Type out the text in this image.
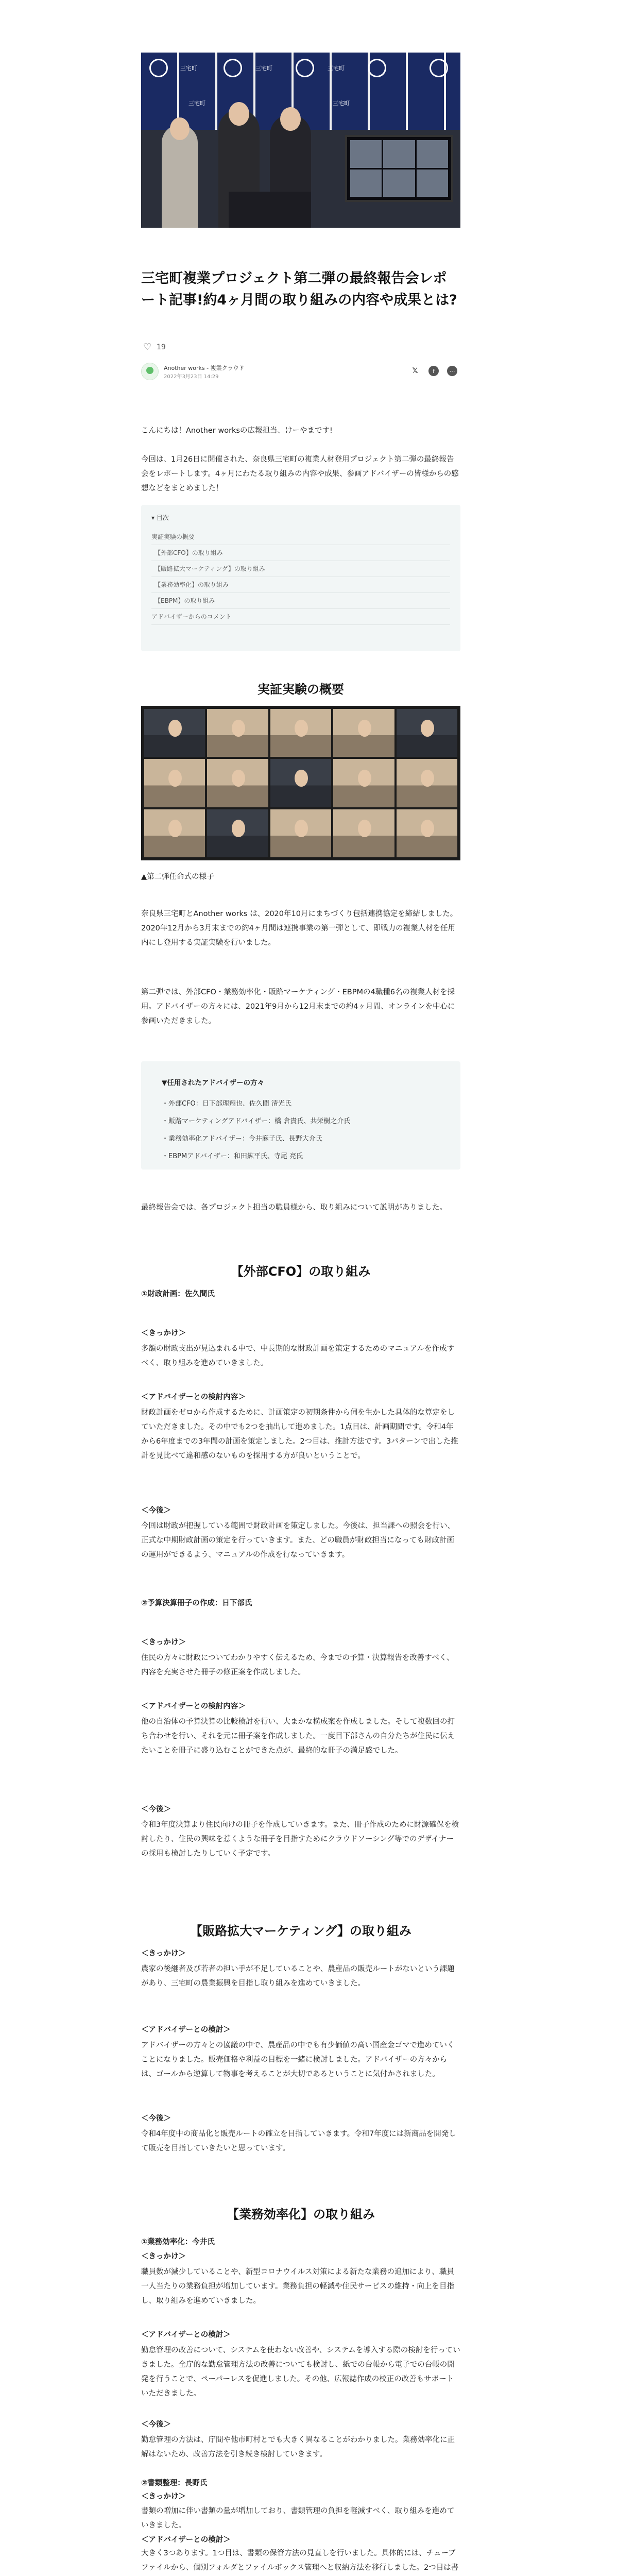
三宅町	三宅町	三宅町
三宅町	三宅町
三宅町複業プロジェクト第二弾の最終報告会レポート記事!約4ヶ月間の取り組みの内容や成果とは?
♡
19
Another works - 複業クラウド
2022年3月23日 14:29
𝕏	f	⋯

こんにちは！Another worksの広報担当、けーやまです!

今回は、1月26日に開催された、奈良県三宅町の複業人材登用プロジェクト第二弾の最終報告会をレポートします。4ヶ月にわたる取り組みの内容や成果、参画アドバイザーの皆様からの感想などをまとめました！

▾ 目次
実証実験の概要
【外部CFO】の取り組み
【販路拡大マーケティング】の取り組み
【業務効率化】の取り組み
【EBPM】の取り組み
アドバイザーからのコメント
実証実験の概要

▲第二弾任命式の様子

奈良県三宅町とAnother works は、2020年10月にまちづくり包括連携協定を締結しました。2020年12月から3月末までの約4ヶ月間は連携事業の第一弾として、即戦力の複業人材を任用内にし登用する実証実験を行いました。

第二弾では、外部CFO・業務効率化・販路マーケティング・EBPMの4職種6名の複業人材を採用。アドバイザーの方々には、2021年9月から12月末までの約4ヶ月間、オンラインを中心に参画いただきました。

▼任用されたアドバイザーの方々
・外部CFO：日下部理翔也、佐久間 清光氏
・販路マーケティングアドバイザー：橋 倉貴氏、共栄樹之介氏
・業務効率化アドバイザー：今井麻子氏、長野大介氏
・EBPMアドバイザー：和田紘平氏、寺尾 亮氏

最終報告会では、各プロジェクト担当の職員様から、取り組みについて説明がありました。

【外部CFO】の取り組み
①財政計画：佐久間氏
＜きっかけ＞

多額の財政支出が見込まれる中で、中長期的な財政計画を策定するためのマニュアルを作成すべく、取り組みを進めていきました。

＜アドバイザーとの検討内容＞

財政計画をゼロから作成するために、計画策定の初期条件から伺を生かした具体的な算定をしていただきました。その中でも2つを抽出して進めました。1点目は、計画期間です。令和4年から6年度までの3年間の計画を策定しました。2つ目は、推計方法です。3パターンで出した推計を見比べて違和感のないものを採用する方が良いということで。

＜今後＞

今回は財政が把握している範囲で財政計画を策定しました。今後は、担当課への照会を行い、正式な中期財政計画の策定を行っていきます。また、どの職員が財政担当になっても財政計画の運用ができるよう、マニュアルの作成を行なっていきます。

②予算決算冊子の作成：日下部氏
＜きっかけ＞

住民の方々に財政についてわかりやすく伝えるため、今までの予算・決算報告を改善すべく、内容を充実させた冊子の修正案を作成しました。

＜アドバイザーとの検討内容＞

他の自治体の予算決算の比較検討を行い、大まかな構成案を作成しました。そして複数回の打ち合わせを行い、それを元に冊子案を作成しました。一度目下部さんの自分たちが住民に伝えたいことを冊子に盛り込むことができた点が、最終的な冊子の満足感でした。

＜今後＞

令和3年度決算より住民向けの冊子を作成していきます。また、冊子作成のために財源確保を検討したり、住民の興味を惹くような冊子を目指すためにクラウドソーシング等でのデザイナーの採用も検討したりしていく予定です。

【販路拡大マーケティング】の取り組み
＜きっかけ＞

農家の後継者及び若者の担い手が不足していることや、農産品の販売ルートがないという課題があり、三宅町の農業振興を目指し取り組みを進めていきました。

＜アドバイザーとの検討＞

アドバイザーの方々との協議の中で、農産品の中でも有少価値の高い国産金ゴマで進めていくことになりました。販売価格や利益の目標を一緒に検討しました。アドバイザーの方々からは、ゴールから逆算して物事を考えることが大切であるということに気付かされました。

＜今後＞

令和4年度中の商品化と販売ルートの確立を目指していきます。令和7年度には新商品を開発して販売を目指していきたいと思っています。

【業務効率化】の取り組み
①業務効率化：今井氏
＜きっかけ＞

職員数が減少していることや、新型コロナウイルス対策による新たな業務の追加により、職員一人当たりの業務負担が増加しています。業務負担の軽減や住民サービスの維持・向上を目指し、取り組みを進めていきました。

＜アドバイザーとの検討＞

勤怠管理の改善について、システムを使わない改善や、システムを導入する際の検討を行っていきました。全庁的な勤怠管理方法の改善についても検討し、紙での台帳から電子での台帳の開発を行うことで、ペーパーレスを促進しました。その他、広報誌作成の校正の改善もサポートいただきました。

＜今後＞

勤怠管理の方法は、庁間や他市町村とでも大きく異なることがわかりました。業務効率化に正解はないため、改善方法を引き続き検討していきます。

②書類整理：長野氏
＜きっかけ＞

書類の増加に伴い書類の量が増加しており、書類管理の負担を軽減すべく、取り組みを進めていきました。

＜アドバイザーとの検討＞

大きく3つあります。1つ目は、書類の保管方法の見直しを行いました。具体的には、チューブファイルから、個別フォルダとファイルボックス管理へと収納方法を移行しました。2つ目は書
